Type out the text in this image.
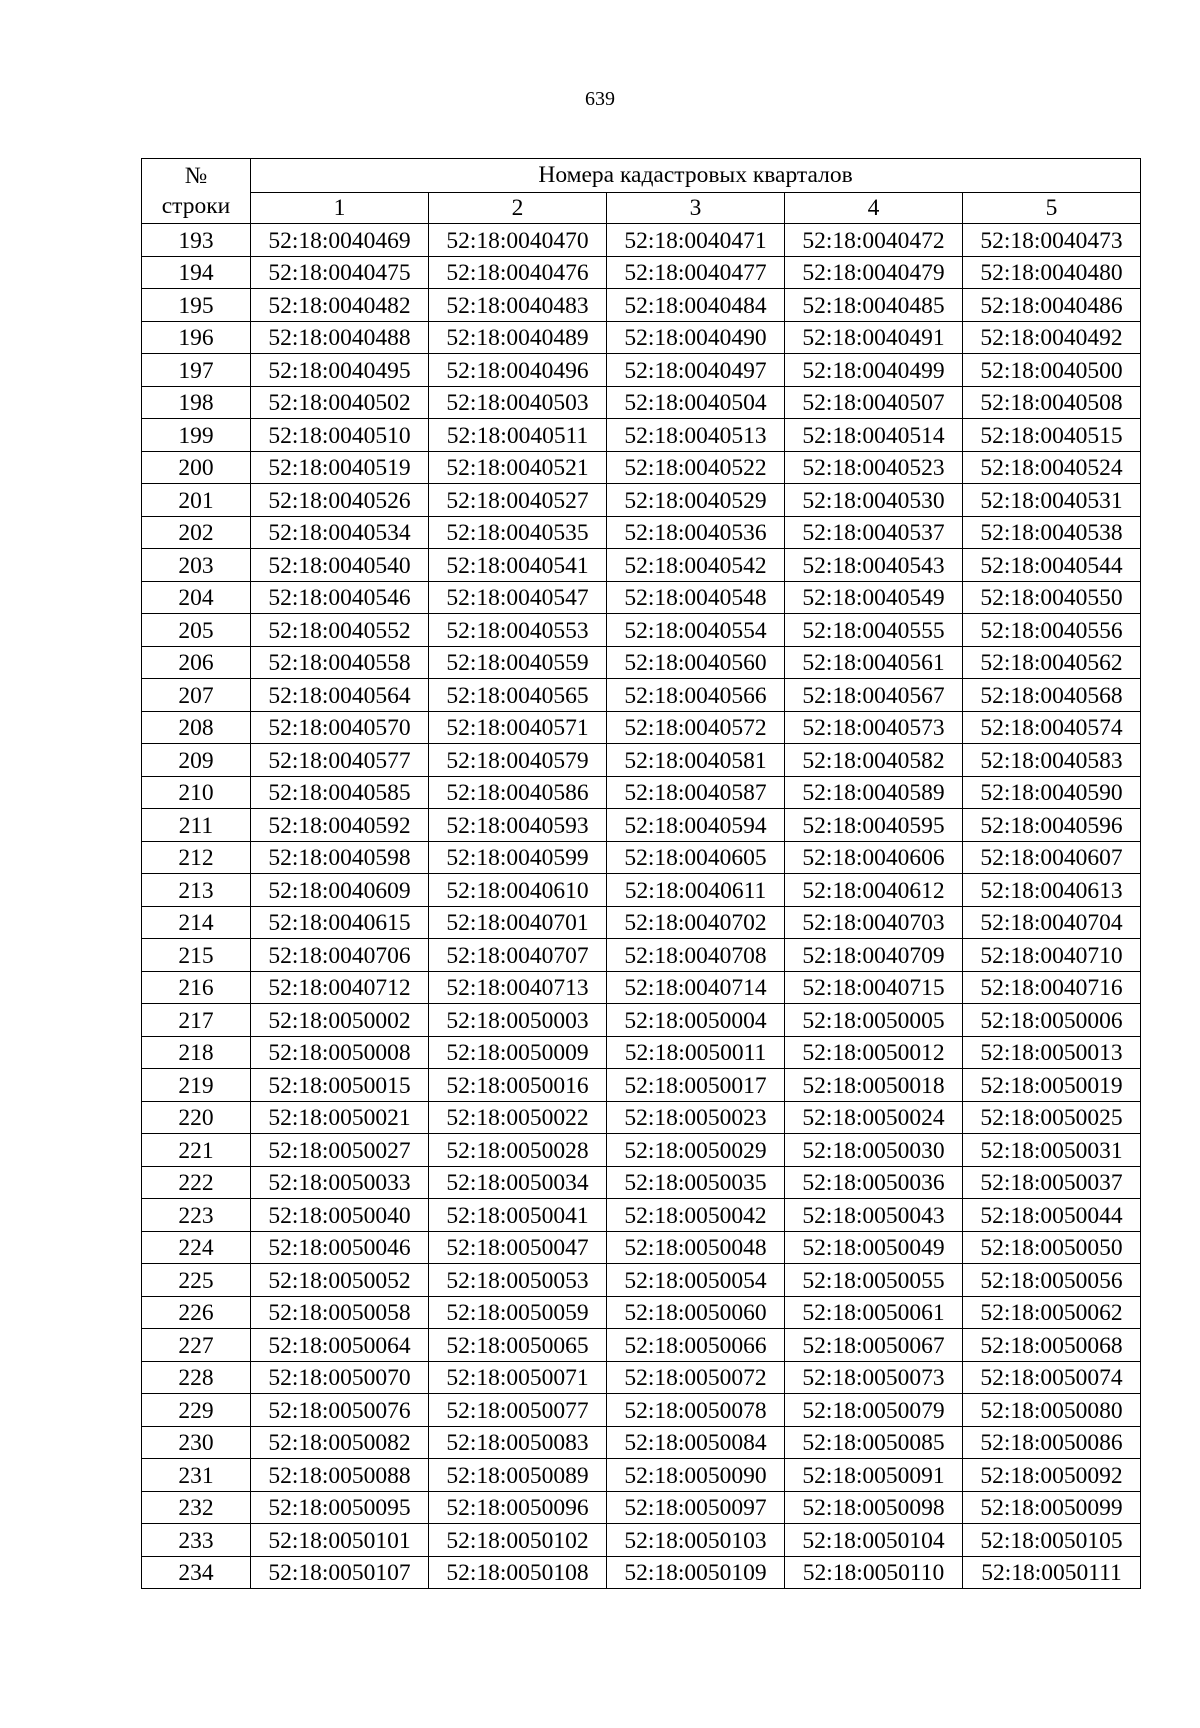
639
№
строки	Номера кадастровых кварталов				
	1	2	3	4	5
193	52:18:0040469	52:18:0040470	52:18:0040471	52:18:0040472	52:18:0040473
194	52:18:0040475	52:18:0040476	52:18:0040477	52:18:0040479	52:18:0040480
195	52:18:0040482	52:18:0040483	52:18:0040484	52:18:0040485	52:18:0040486
196	52:18:0040488	52:18:0040489	52:18:0040490	52:18:0040491	52:18:0040492
197	52:18:0040495	52:18:0040496	52:18:0040497	52:18:0040499	52:18:0040500
198	52:18:0040502	52:18:0040503	52:18:0040504	52:18:0040507	52:18:0040508
199	52:18:0040510	52:18:0040511	52:18:0040513	52:18:0040514	52:18:0040515
200	52:18:0040519	52:18:0040521	52:18:0040522	52:18:0040523	52:18:0040524
201	52:18:0040526	52:18:0040527	52:18:0040529	52:18:0040530	52:18:0040531
202	52:18:0040534	52:18:0040535	52:18:0040536	52:18:0040537	52:18:0040538
203	52:18:0040540	52:18:0040541	52:18:0040542	52:18:0040543	52:18:0040544
204	52:18:0040546	52:18:0040547	52:18:0040548	52:18:0040549	52:18:0040550
205	52:18:0040552	52:18:0040553	52:18:0040554	52:18:0040555	52:18:0040556
206	52:18:0040558	52:18:0040559	52:18:0040560	52:18:0040561	52:18:0040562
207	52:18:0040564	52:18:0040565	52:18:0040566	52:18:0040567	52:18:0040568
208	52:18:0040570	52:18:0040571	52:18:0040572	52:18:0040573	52:18:0040574
209	52:18:0040577	52:18:0040579	52:18:0040581	52:18:0040582	52:18:0040583
210	52:18:0040585	52:18:0040586	52:18:0040587	52:18:0040589	52:18:0040590
211	52:18:0040592	52:18:0040593	52:18:0040594	52:18:0040595	52:18:0040596
212	52:18:0040598	52:18:0040599	52:18:0040605	52:18:0040606	52:18:0040607
213	52:18:0040609	52:18:0040610	52:18:0040611	52:18:0040612	52:18:0040613
214	52:18:0040615	52:18:0040701	52:18:0040702	52:18:0040703	52:18:0040704
215	52:18:0040706	52:18:0040707	52:18:0040708	52:18:0040709	52:18:0040710
216	52:18:0040712	52:18:0040713	52:18:0040714	52:18:0040715	52:18:0040716
217	52:18:0050002	52:18:0050003	52:18:0050004	52:18:0050005	52:18:0050006
218	52:18:0050008	52:18:0050009	52:18:0050011	52:18:0050012	52:18:0050013
219	52:18:0050015	52:18:0050016	52:18:0050017	52:18:0050018	52:18:0050019
220	52:18:0050021	52:18:0050022	52:18:0050023	52:18:0050024	52:18:0050025
221	52:18:0050027	52:18:0050028	52:18:0050029	52:18:0050030	52:18:0050031
222	52:18:0050033	52:18:0050034	52:18:0050035	52:18:0050036	52:18:0050037
223	52:18:0050040	52:18:0050041	52:18:0050042	52:18:0050043	52:18:0050044
224	52:18:0050046	52:18:0050047	52:18:0050048	52:18:0050049	52:18:0050050
225	52:18:0050052	52:18:0050053	52:18:0050054	52:18:0050055	52:18:0050056
226	52:18:0050058	52:18:0050059	52:18:0050060	52:18:0050061	52:18:0050062
227	52:18:0050064	52:18:0050065	52:18:0050066	52:18:0050067	52:18:0050068
228	52:18:0050070	52:18:0050071	52:18:0050072	52:18:0050073	52:18:0050074
229	52:18:0050076	52:18:0050077	52:18:0050078	52:18:0050079	52:18:0050080
230	52:18:0050082	52:18:0050083	52:18:0050084	52:18:0050085	52:18:0050086
231	52:18:0050088	52:18:0050089	52:18:0050090	52:18:0050091	52:18:0050092
232	52:18:0050095	52:18:0050096	52:18:0050097	52:18:0050098	52:18:0050099
233	52:18:0050101	52:18:0050102	52:18:0050103	52:18:0050104	52:18:0050105
234	52:18:0050107	52:18:0050108	52:18:0050109	52:18:0050110	52:18:0050111
